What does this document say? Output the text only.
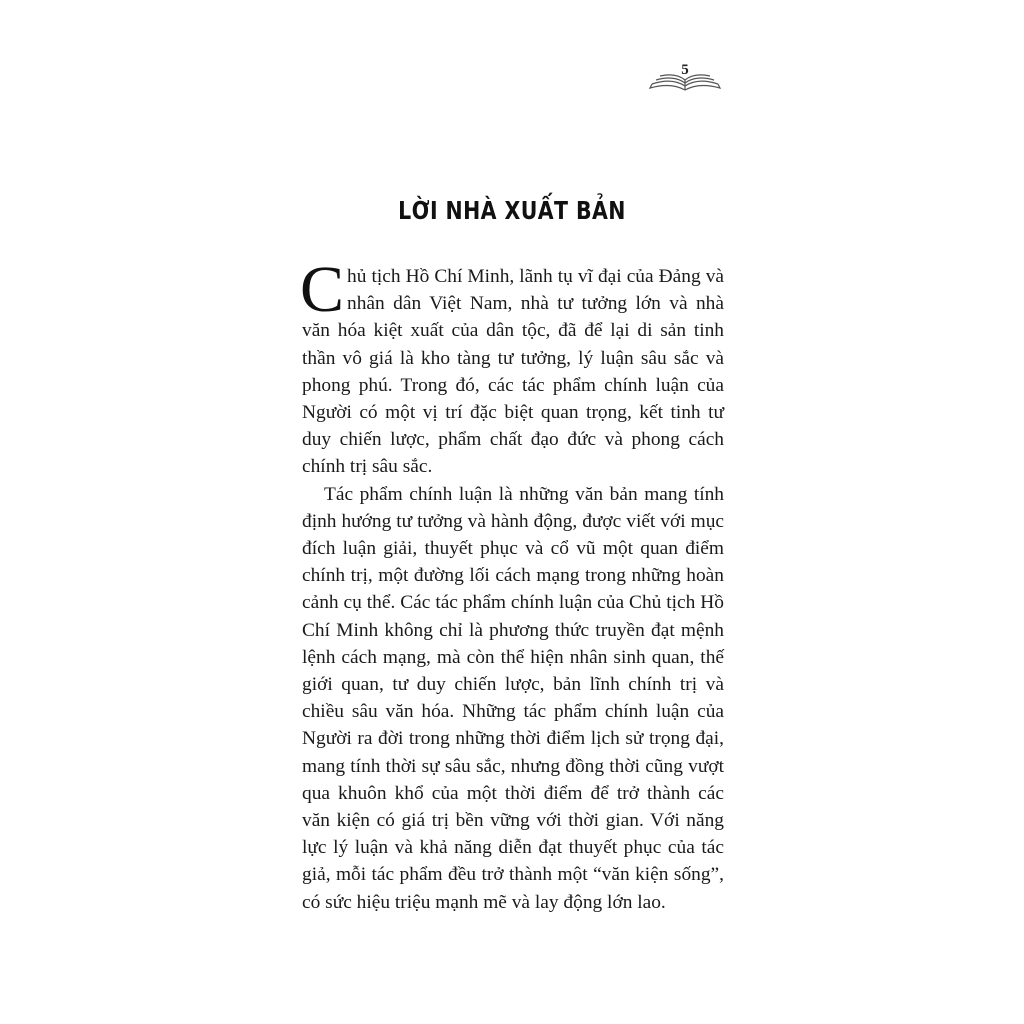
5
LỜI NHÀ XUẤT BẢN

Chủ tịch Hồ Chí Minh, lãnh tụ vĩ đại của Đảng và nhân dân Việt Nam, nhà tư tưởng lớn và nhà văn hóa kiệt xuất của dân tộc, đã để lại di sản tinh thần vô giá là kho tàng tư tưởng, lý luận sâu sắc và phong phú. Trong đó, các tác phẩm chính luận của Người có một vị trí đặc biệt quan trọng, kết tinh tư duy chiến lược, phẩm chất đạo đức và phong cách chính trị sâu sắc.

Tác phẩm chính luận là những văn bản mang tính định hướng tư tưởng và hành động, được viết với mục đích luận giải, thuyết phục và cổ vũ một quan điểm chính trị, một đường lối cách mạng trong những hoàn cảnh cụ thể. Các tác phẩm chính luận của Chủ tịch Hồ Chí Minh không chỉ là phương thức truyền đạt mệnh lệnh cách mạng, mà còn thể hiện nhân sinh quan, thế giới quan, tư duy chiến lược, bản lĩnh chính trị và chiều sâu văn hóa. Những tác phẩm chính luận của Người ra đời trong những thời điểm lịch sử trọng đại, mang tính thời sự sâu sắc, nhưng đồng thời cũng vượt qua khuôn khổ của một thời điểm để trở thành các văn kiện có giá trị bền vững với thời gian. Với năng lực lý luận và khả năng diễn đạt thuyết phục của tác giả, mỗi tác phẩm đều trở thành một “văn kiện sống”, có sức hiệu triệu mạnh mẽ và lay động lớn lao.
